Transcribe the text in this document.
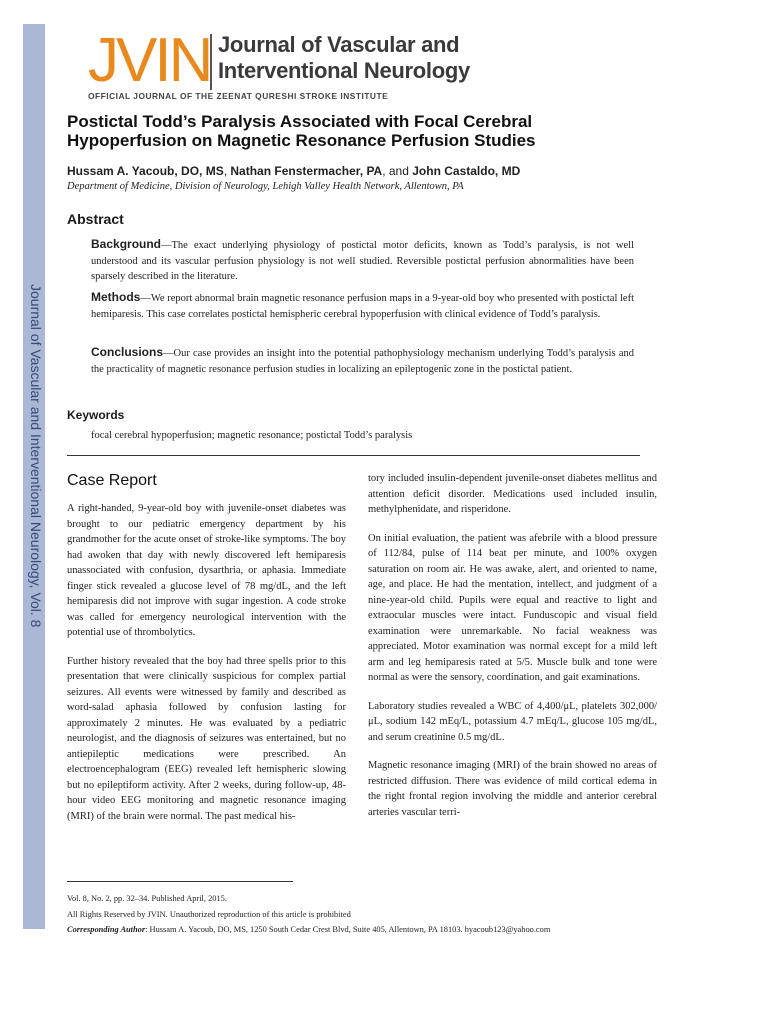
JVIN Journal of Vascular and
Interventional Neurology
OFFICIAL JOURNAL OF THE ZEENAT QURESHI STROKE INSTITUTE
Postictal Todd’s Paralysis Associated with Focal Cerebral Hypoperfusion on Magnetic Resonance Perfusion Studies
Hussam A. Yacoub, DO, MS, Nathan Fenstermacher, PA, and John Castaldo, MD
Department of Medicine, Division of Neurology, Lehigh Valley Health Network, Allentown, PA
Abstract
Background—The exact underlying physiology of postictal motor deficits, known as Todd’s paralysis, is not well understood and its vascular perfusion physiology is not well studied. Reversible postictal perfusion abnormalities have been sparsely described in the literature.
Methods—We report abnormal brain magnetic resonance perfusion maps in a 9-year-old boy who presented with postictal left hemiparesis. This case correlates postictal hemispheric cerebral hypoperfusion with clinical evidence of Todd’s paralysis.
Conclusions—Our case provides an insight into the potential pathophysiology mechanism underlying Todd’s paralysis and the practicality of magnetic resonance perfusion studies in localizing an epileptogenic zone in the postictal patient.
Keywords
focal cerebral hypoperfusion; magnetic resonance; postictal Todd’s paralysis
Case Report

A right-handed, 9-year-old boy with juvenile-onset diabetes was brought to our pediatric emergency department by his grandmother for the acute onset of stroke-like symptoms. The boy had awoken that day with newly discovered left hemiparesis unassociated with confusion, dysarthria, or aphasia. Immediate finger stick revealed a glucose level of 78 mg/dL, and the left hemiparesis did not improve with sugar ingestion. A code stroke was called for emergency neurological intervention with the potential use of thrombolytics.

Further history revealed that the boy had three spells prior to this presentation that were clinically suspicious for complex partial seizures. All events were witnessed by family and described as word-salad aphasia followed by confusion lasting for approximately 2 minutes. He was evaluated by a pediatric neurologist, and the diagnosis of seizures was entertained, but no antiepileptic medications were prescribed. An electroencephalogram (EEG) revealed left hemispheric slowing but no epileptiform activity. After 2 weeks, during follow-up, 48-hour video EEG monitoring and magnetic resonance imaging (MRI) of the brain were normal. The past medical his-

tory included insulin-dependent juvenile-onset diabetes mellitus and attention deficit disorder. Medications used included insulin, methylphenidate, and risperidone.

On initial evaluation, the patient was afebrile with a blood pressure of 112/84, pulse of 114 beat per minute, and 100% oxygen saturation on room air. He was awake, alert, and oriented to name, age, and place. He had the mentation, intellect, and judgment of a nine-year-old child. Pupils were equal and reactive to light and extraocular muscles were intact. Funduscopic and visual field examination were unremarkable. No facial weakness was appreciated. Motor examination was normal except for a mild left arm and leg hemiparesis rated at 5/5. Muscle bulk and tone were normal as were the sensory, coordination, and gait examinations.

Laboratory studies revealed a WBC of 4,400/μL, platelets 302,000/μL, sodium 142 mEq/L, potassium 4.7 mEq/L, glucose 105 mg/dL, and serum creatinine 0.5 mg/dL.

Magnetic resonance imaging (MRI) of the brain showed no areas of restricted diffusion. There was evidence of mild cortical edema in the right frontal region involving the middle and anterior cerebral arteries vascular terri-

Vol. 8, No. 2, pp. 32–34. Published April, 2015.
All Rights Reserved by JVIN. Unauthorized reproduction of this article is prohibited
Corresponding Author: Hussam A. Yacoub, DO, MS, 1250 South Cedar Crest Blvd, Suite 405, Allentown, PA 18103. hyacoub123@yahoo.com
